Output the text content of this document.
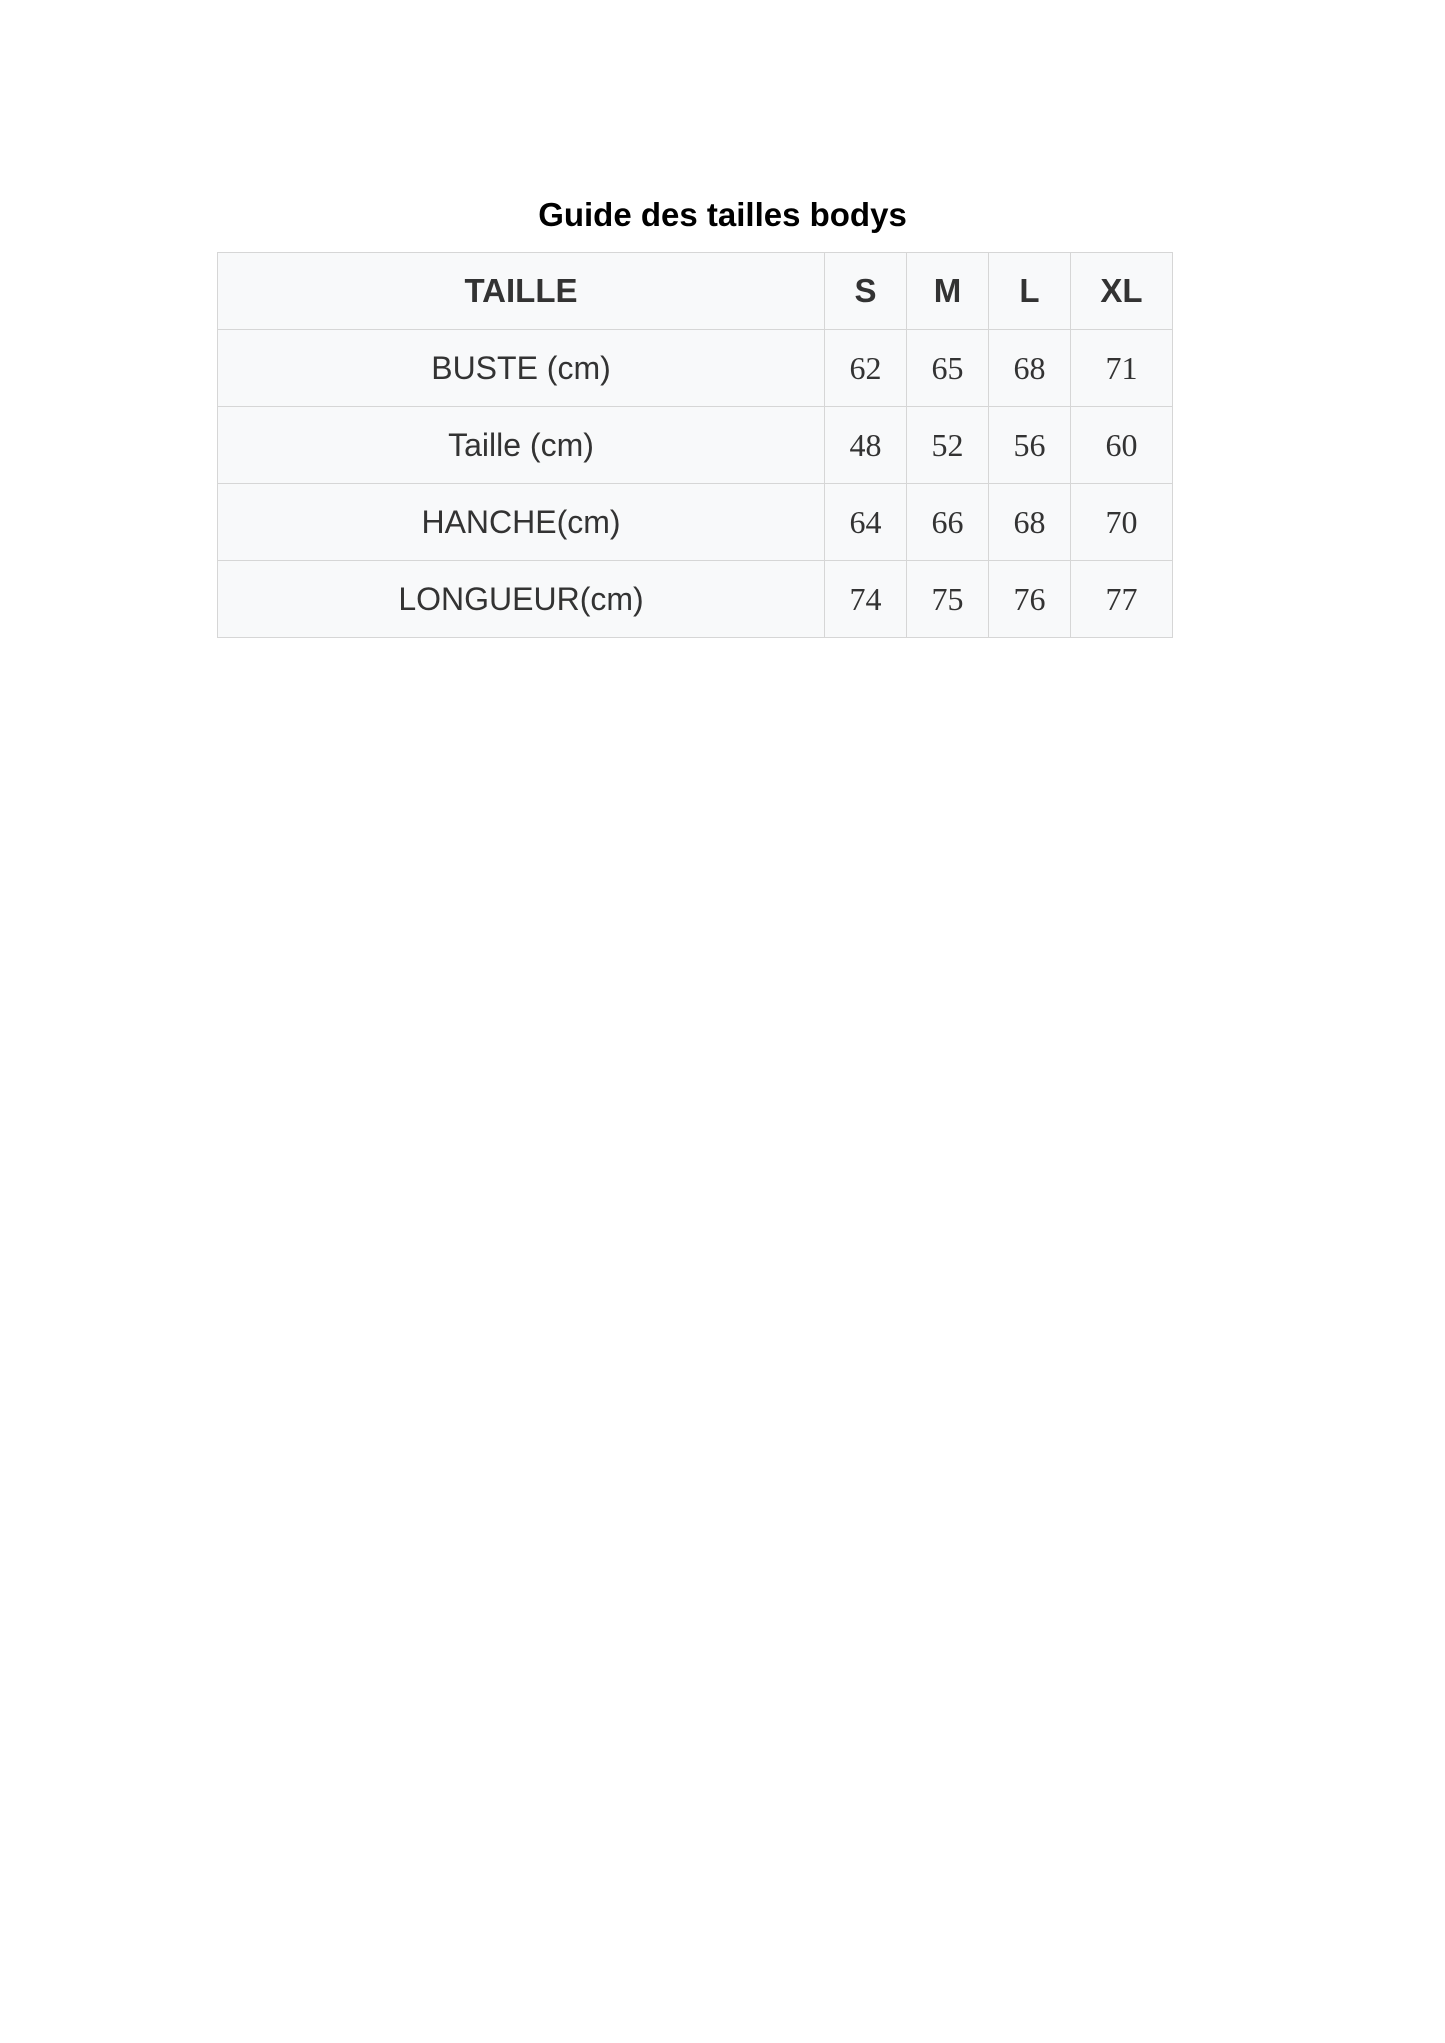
Guide des tailles bodys
TAILLE	S	M	L	XL
BUSTE (cm)	62	65	68	71
Taille (cm)	48	52	56	60
HANCHE(cm)	64	66	68	70
LONGUEUR(cm)	74	75	76	77
